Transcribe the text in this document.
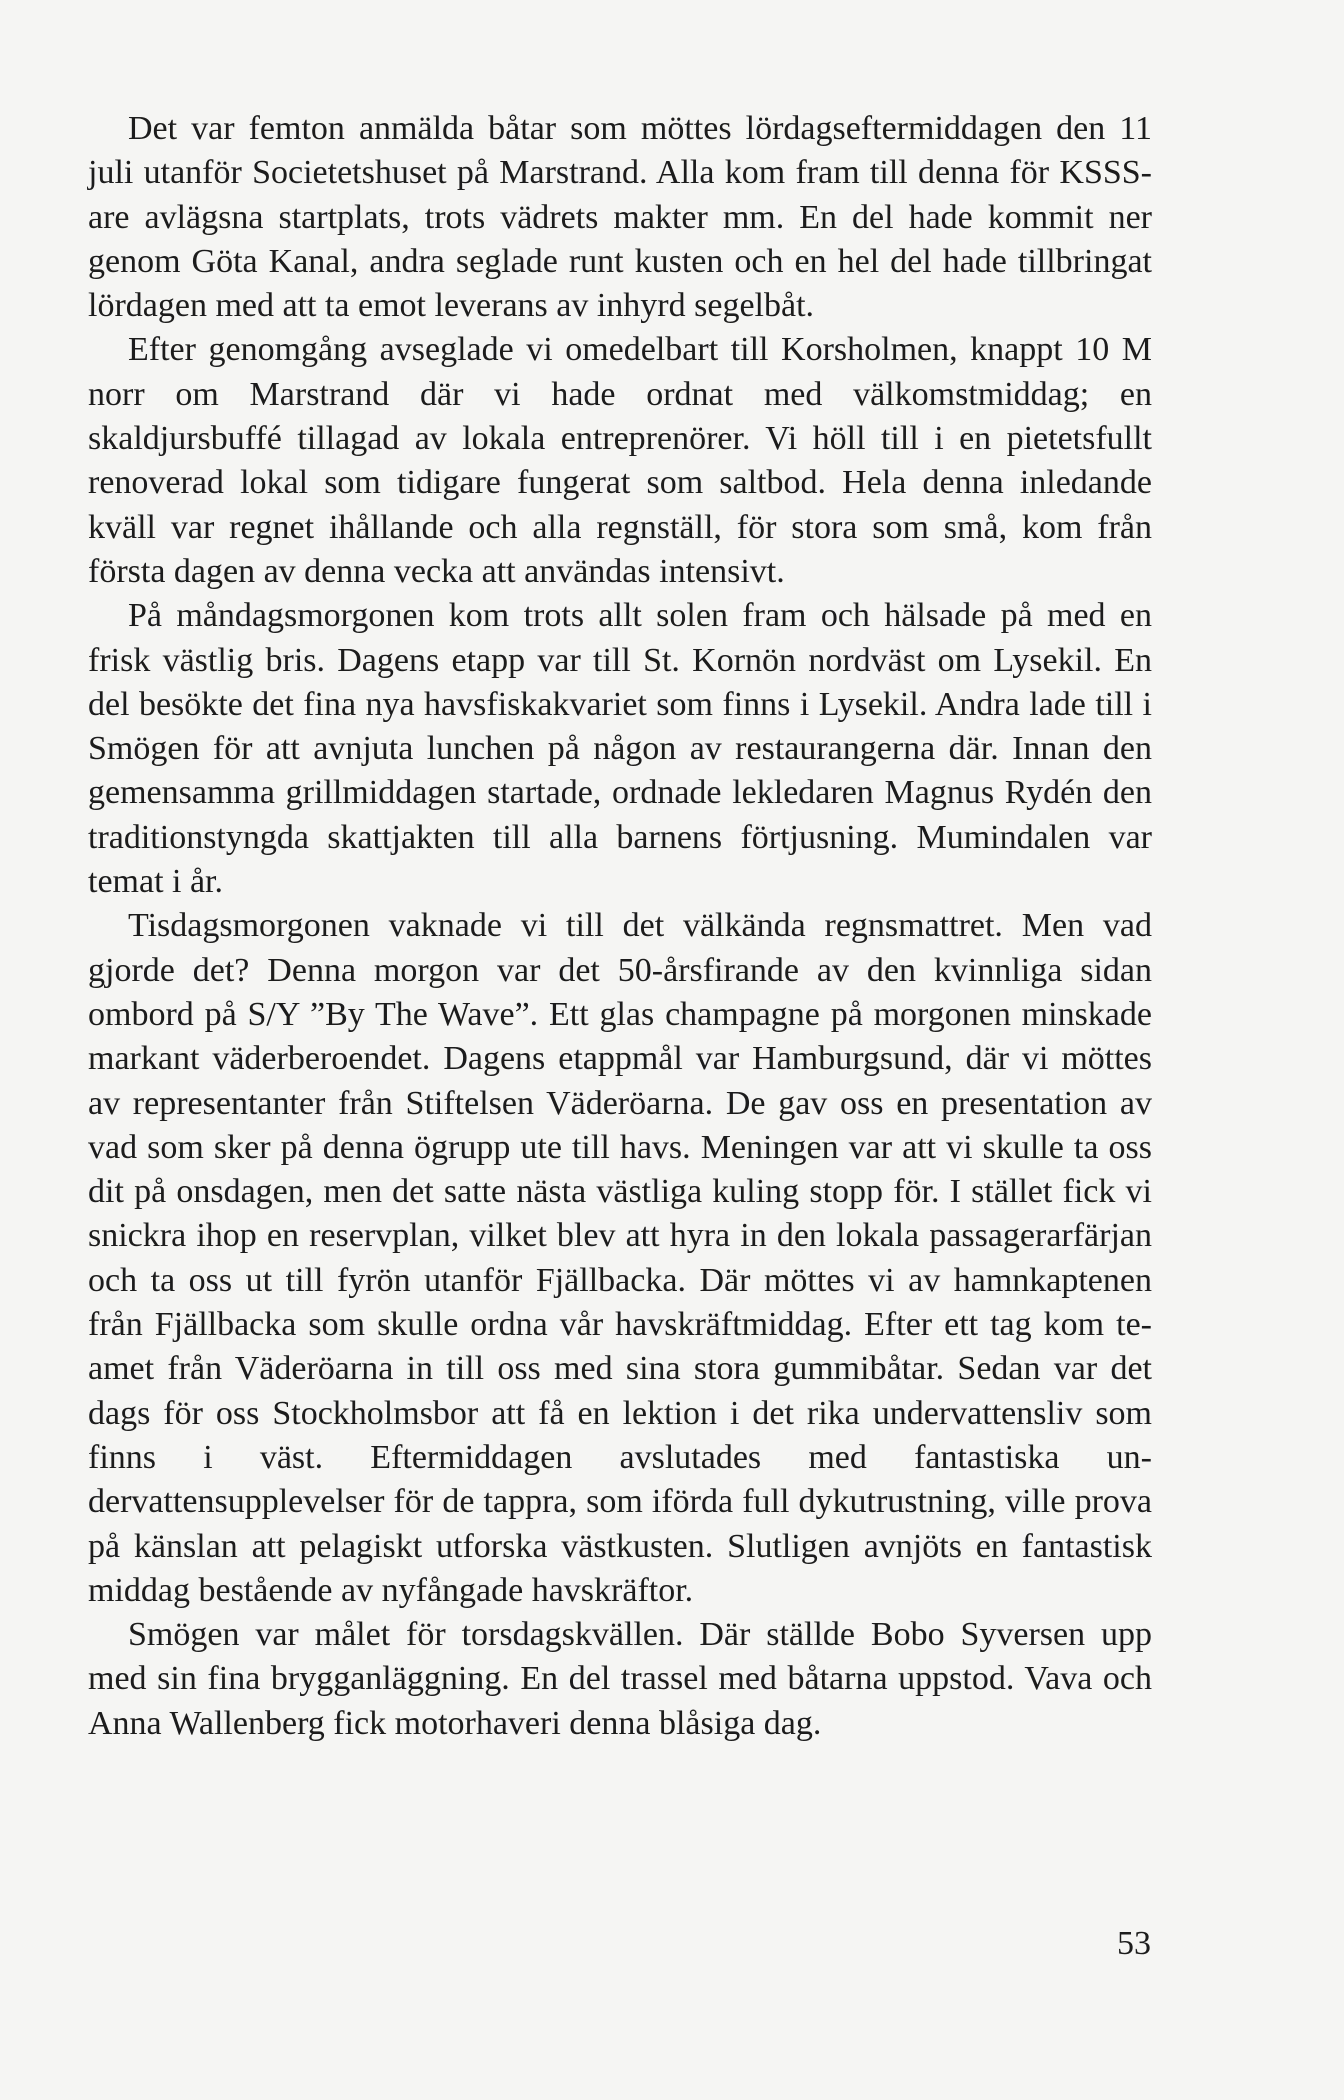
Det var femton anmälda båtar som möttes lördagseftermiddagen den 11 juli utanför Societetshuset på Marstrand. Alla kom fram till denna för KSSS-are avlägsna startplats, trots vädrets makter mm. En del hade kommit ner genom Göta Kanal, andra seglade runt kusten och en hel del hade tillbringat lördagen med att ta emot leverans av inhyrd segelbåt.

Efter genomgång avseglade vi omedelbart till Korsholmen, knappt 10 M norr om Marstrand där vi hade ordnat med välkomstmiddag; en skaldjursbuffé tillagad av lokala entreprenörer. Vi höll till i en pietetsfullt renoverad lokal som tidigare fungerat som saltbod. Hela denna inledande kväll var regnet ihållande och alla regnställ, för stora som små, kom från första dagen av denna vecka att användas intensivt.

På måndagsmorgonen kom trots allt solen fram och hälsade på med en frisk västlig bris. Dagens etapp var till St. Kornön nordväst om Lysekil. En del besökte det fina nya havsfiskakvariet som finns i Lysekil. Andra lade till i Smögen för att avnjuta lunchen på någon av restaurangerna där. Innan den gemensamma grillmiddagen startade, ordnade lekledaren Magnus Rydén den traditionstyngda skattjakten till alla barnens förtjusning. Mumindalen var temat i år.

Tisdagsmorgonen vaknade vi till det välkända regnsmattret. Men vad gjorde det? Denna morgon var det 50-årsfirande av den kvinnliga sidan ombord på S/Y ”By The Wave”. Ett glas champagne på morgonen minskade markant väderberoendet. Dagens etappmål var Hamburgsund, där vi möttes av representanter från Stiftelsen Väderöarna. De gav oss en presentation av vad som sker på denna ögrupp ute till havs. Meningen var att vi skulle ta oss dit på onsdagen, men det satte nästa västliga kuling stopp för. I stället fick vi snickra ihop en reservplan, vilket blev att hyra in den lokala passagerarfärjan och ta oss ut till fyrön utanför Fjällbacka. Där möttes vi av hamnkaptenen från Fjällbacka som skulle ordna vår havskräftmiddag. Efter ett tag kom teamet från Väderöarna in till oss med sina stora gummibåtar. Sedan var det dags för oss Stockholmsbor att få en lektion i det rika undervattensliv som finns i väst. Eftermiddagen avslutades med fantastiska undervattensupplevelser för de tappra, som iförda full dykutrustning, ville prova på känslan att pelagiskt utforska västkusten. Slutligen avnjöts en fantastisk middag bestående av nyfångade havskräftor.

Smögen var målet för torsdagskvällen. Där ställde Bobo Syversen upp med sin fina brygganläggning. En del trassel med båtarna uppstod. Vava och Anna Wallenberg fick motorhaveri denna blåsiga dag.

53
